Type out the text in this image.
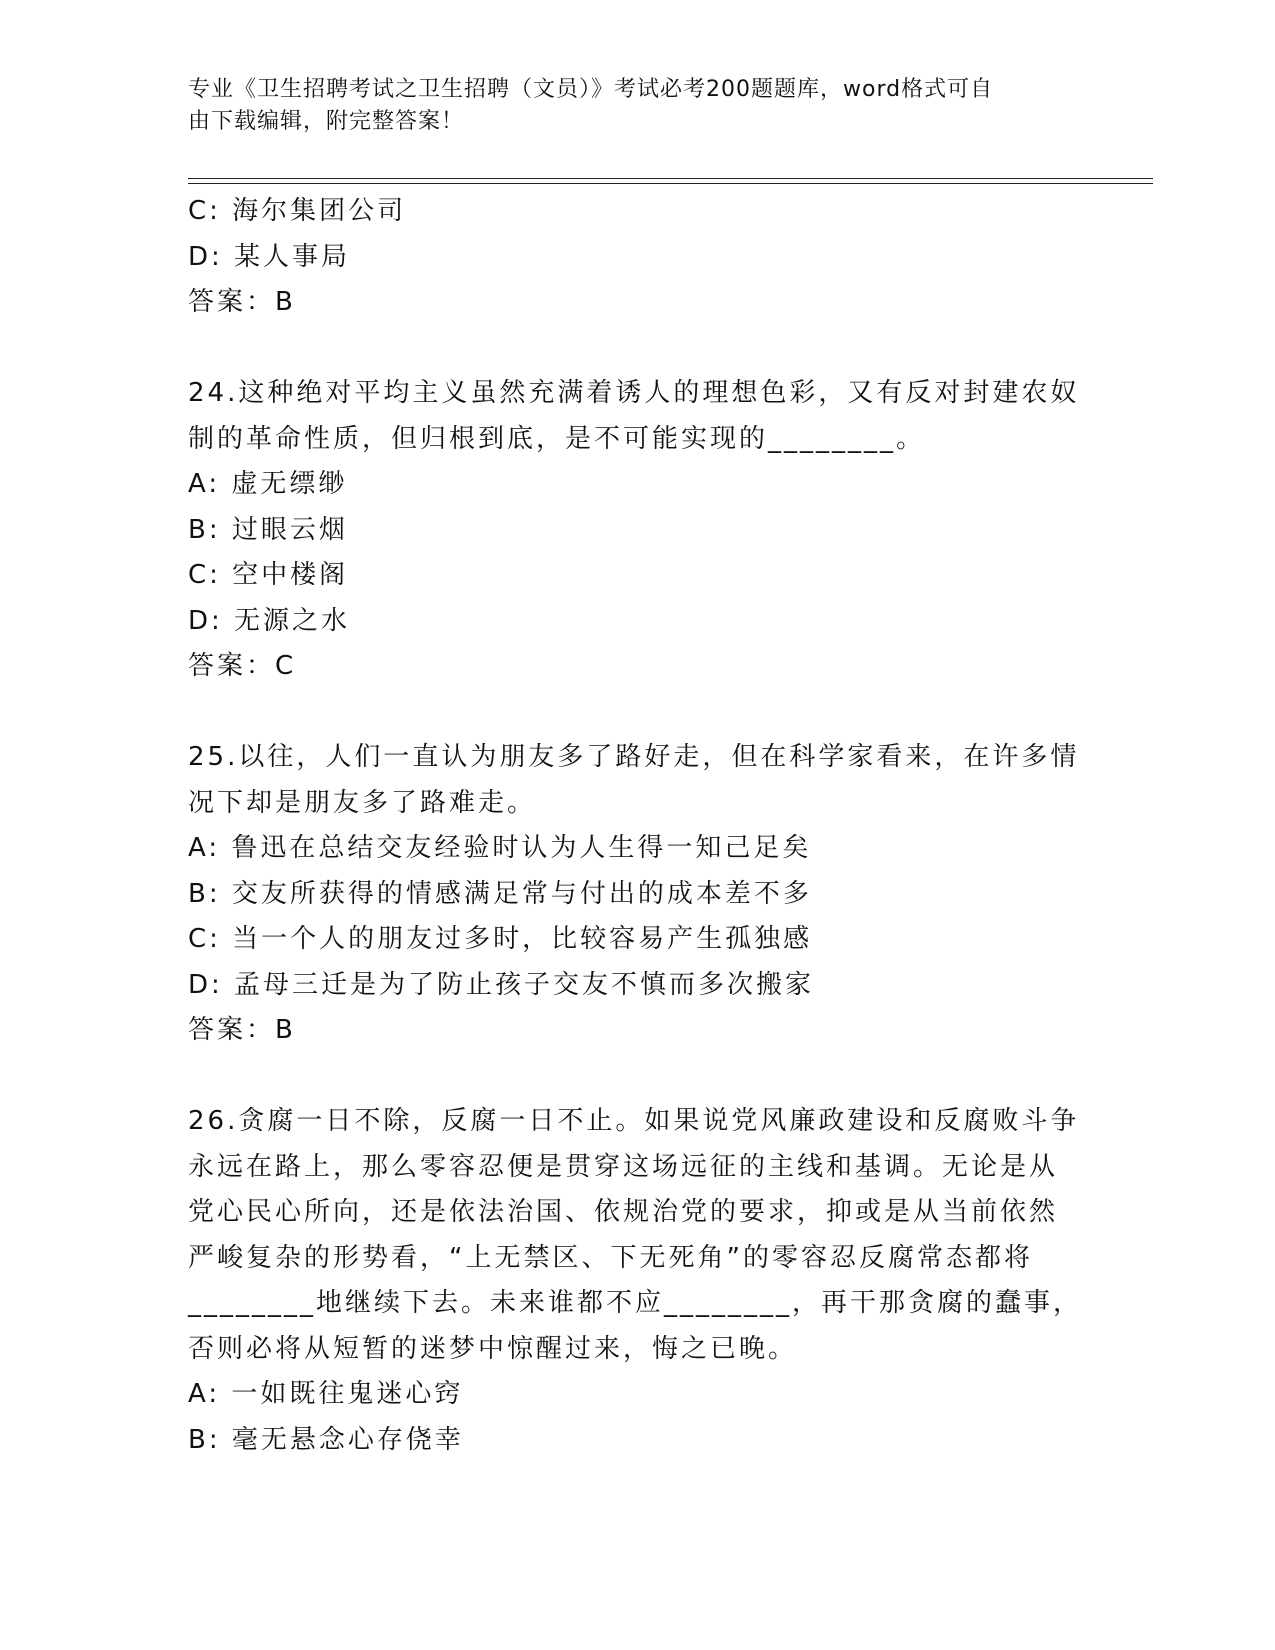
专业《卫生招聘考试之卫生招聘（文员）》考试必考200题题库，word格式可自
由下载编辑，附完整答案！
C: 海尔集团公司
D: 某人事局
答案：B
24.这种绝对平均主义虽然充满着诱人的理想色彩，又有反对封建农奴
制的革命性质，但归根到底，是不可能实现的________。
A: 虚无缥缈
B: 过眼云烟
C: 空中楼阁
D: 无源之水
答案：C
25.以往，人们一直认为朋友多了路好走，但在科学家看来，在许多情
况下却是朋友多了路难走。
A: 鲁迅在总结交友经验时认为人生得一知己足矣
B: 交友所获得的情感满足常与付出的成本差不多
C: 当一个人的朋友过多时，比较容易产生孤独感
D: 孟母三迁是为了防止孩子交友不慎而多次搬家
答案：B
26.贪腐一日不除，反腐一日不止。如果说党风廉政建设和反腐败斗争
永远在路上，那么零容忍便是贯穿这场远征的主线和基调。无论是从
党心民心所向，还是依法治国、依规治党的要求，抑或是从当前依然
严峻复杂的形势看，“上无禁区、下无死角”的零容忍反腐常态都将
________地继续下去。未来谁都不应________，再干那贪腐的蠢事，
否则必将从短暂的迷梦中惊醒过来，悔之已晚。
A: 一如既往鬼迷心窍
B: 毫无悬念心存侥幸
